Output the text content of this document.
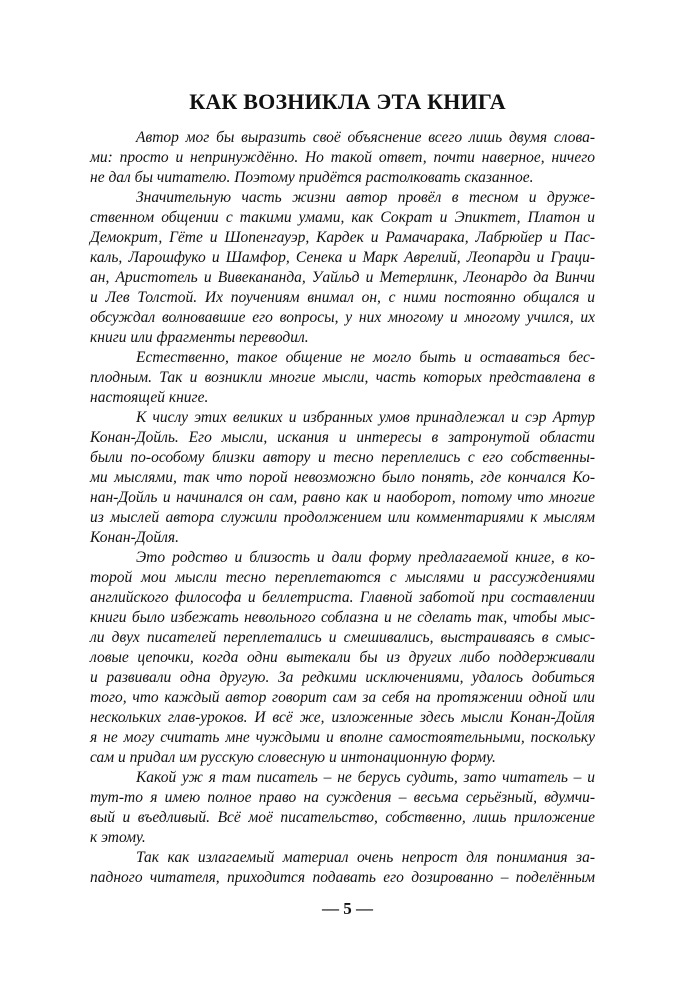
КАК ВОЗНИКЛА ЭТА КНИГА
Автор мог бы выразить своё объяснение всего лишь двумя слова-
ми: просто и непринуждённо. Но такой ответ, почти наверное, ничего
не дал бы читателю. Поэтому придётся растолковать сказанное.
Значительную часть жизни автор провёл в тесном и друже-
ственном общении с такими умами, как Сократ и Эпиктет, Платон и
Демокрит, Гёте и Шопенгауэр, Кардек и Рамачарака, Лабрюйер и Пас-
каль, Ларошфуко и Шамфор, Сенека и Марк Аврелий, Леопарди и Граци-
ан, Аристотель и Вивекананда, Уайльд и Метерлинк, Леонардо да Винчи
и Лев Толстой. Их поучениям внимал он, с ними постоянно общался и
обсуждал волновавшие его вопросы, у них многому и многому учился, их
книги или фрагменты переводил.
Естественно, такое общение не могло быть и оставаться бес-
плодным. Так и возникли многие мысли, часть которых представлена в
настоящей книге.
К числу этих великих и избранных умов принадлежал и сэр Артур
Конан-Дойль. Его мысли, искания и интересы в затронутой области
были по-особому близки автору и тесно переплелись с его собственны-
ми мыслями, так что порой невозможно было понять, где кончался Ко-
нан-Дойль и начинался он сам, равно как и наоборот, потому что многие
из мыслей автора служили продолжением или комментариями к мыслям
Конан-Дойля.
Это родство и близость и дали форму предлагаемой книге, в ко-
торой мои мысли тесно переплетаются с мыслями и рассуждениями
английского философа и беллетриста. Главной заботой при составлении
книги было избежать невольного соблазна и не сделать так, чтобы мыс-
ли двух писателей переплетались и смешивались, выстраиваясь в смыс-
ловые цепочки, когда одни вытекали бы из других либо поддерживали
и развивали одна другую. За редкими исключениями, удалось добиться
того, что каждый автор говорит сам за себя на протяжении одной или
нескольких глав-уроков. И всё же, изложенные здесь мысли Конан-Дойля
я не могу считать мне чуждыми и вполне самостоятельными, поскольку
сам и придал им русскую словесную и интонационную форму.
Какой уж я там писатель – не берусь судить, зато читатель – и
тут-то я имею полное право на суждения – весьма серьёзный, вдумчи-
вый и въедливый. Всё моё писательство, собственно, лишь приложение
к этому.
Так как излагаемый материал очень непрост для понимания за-
падного читателя, приходится подавать его дозированно – поделённым
— 5 —
